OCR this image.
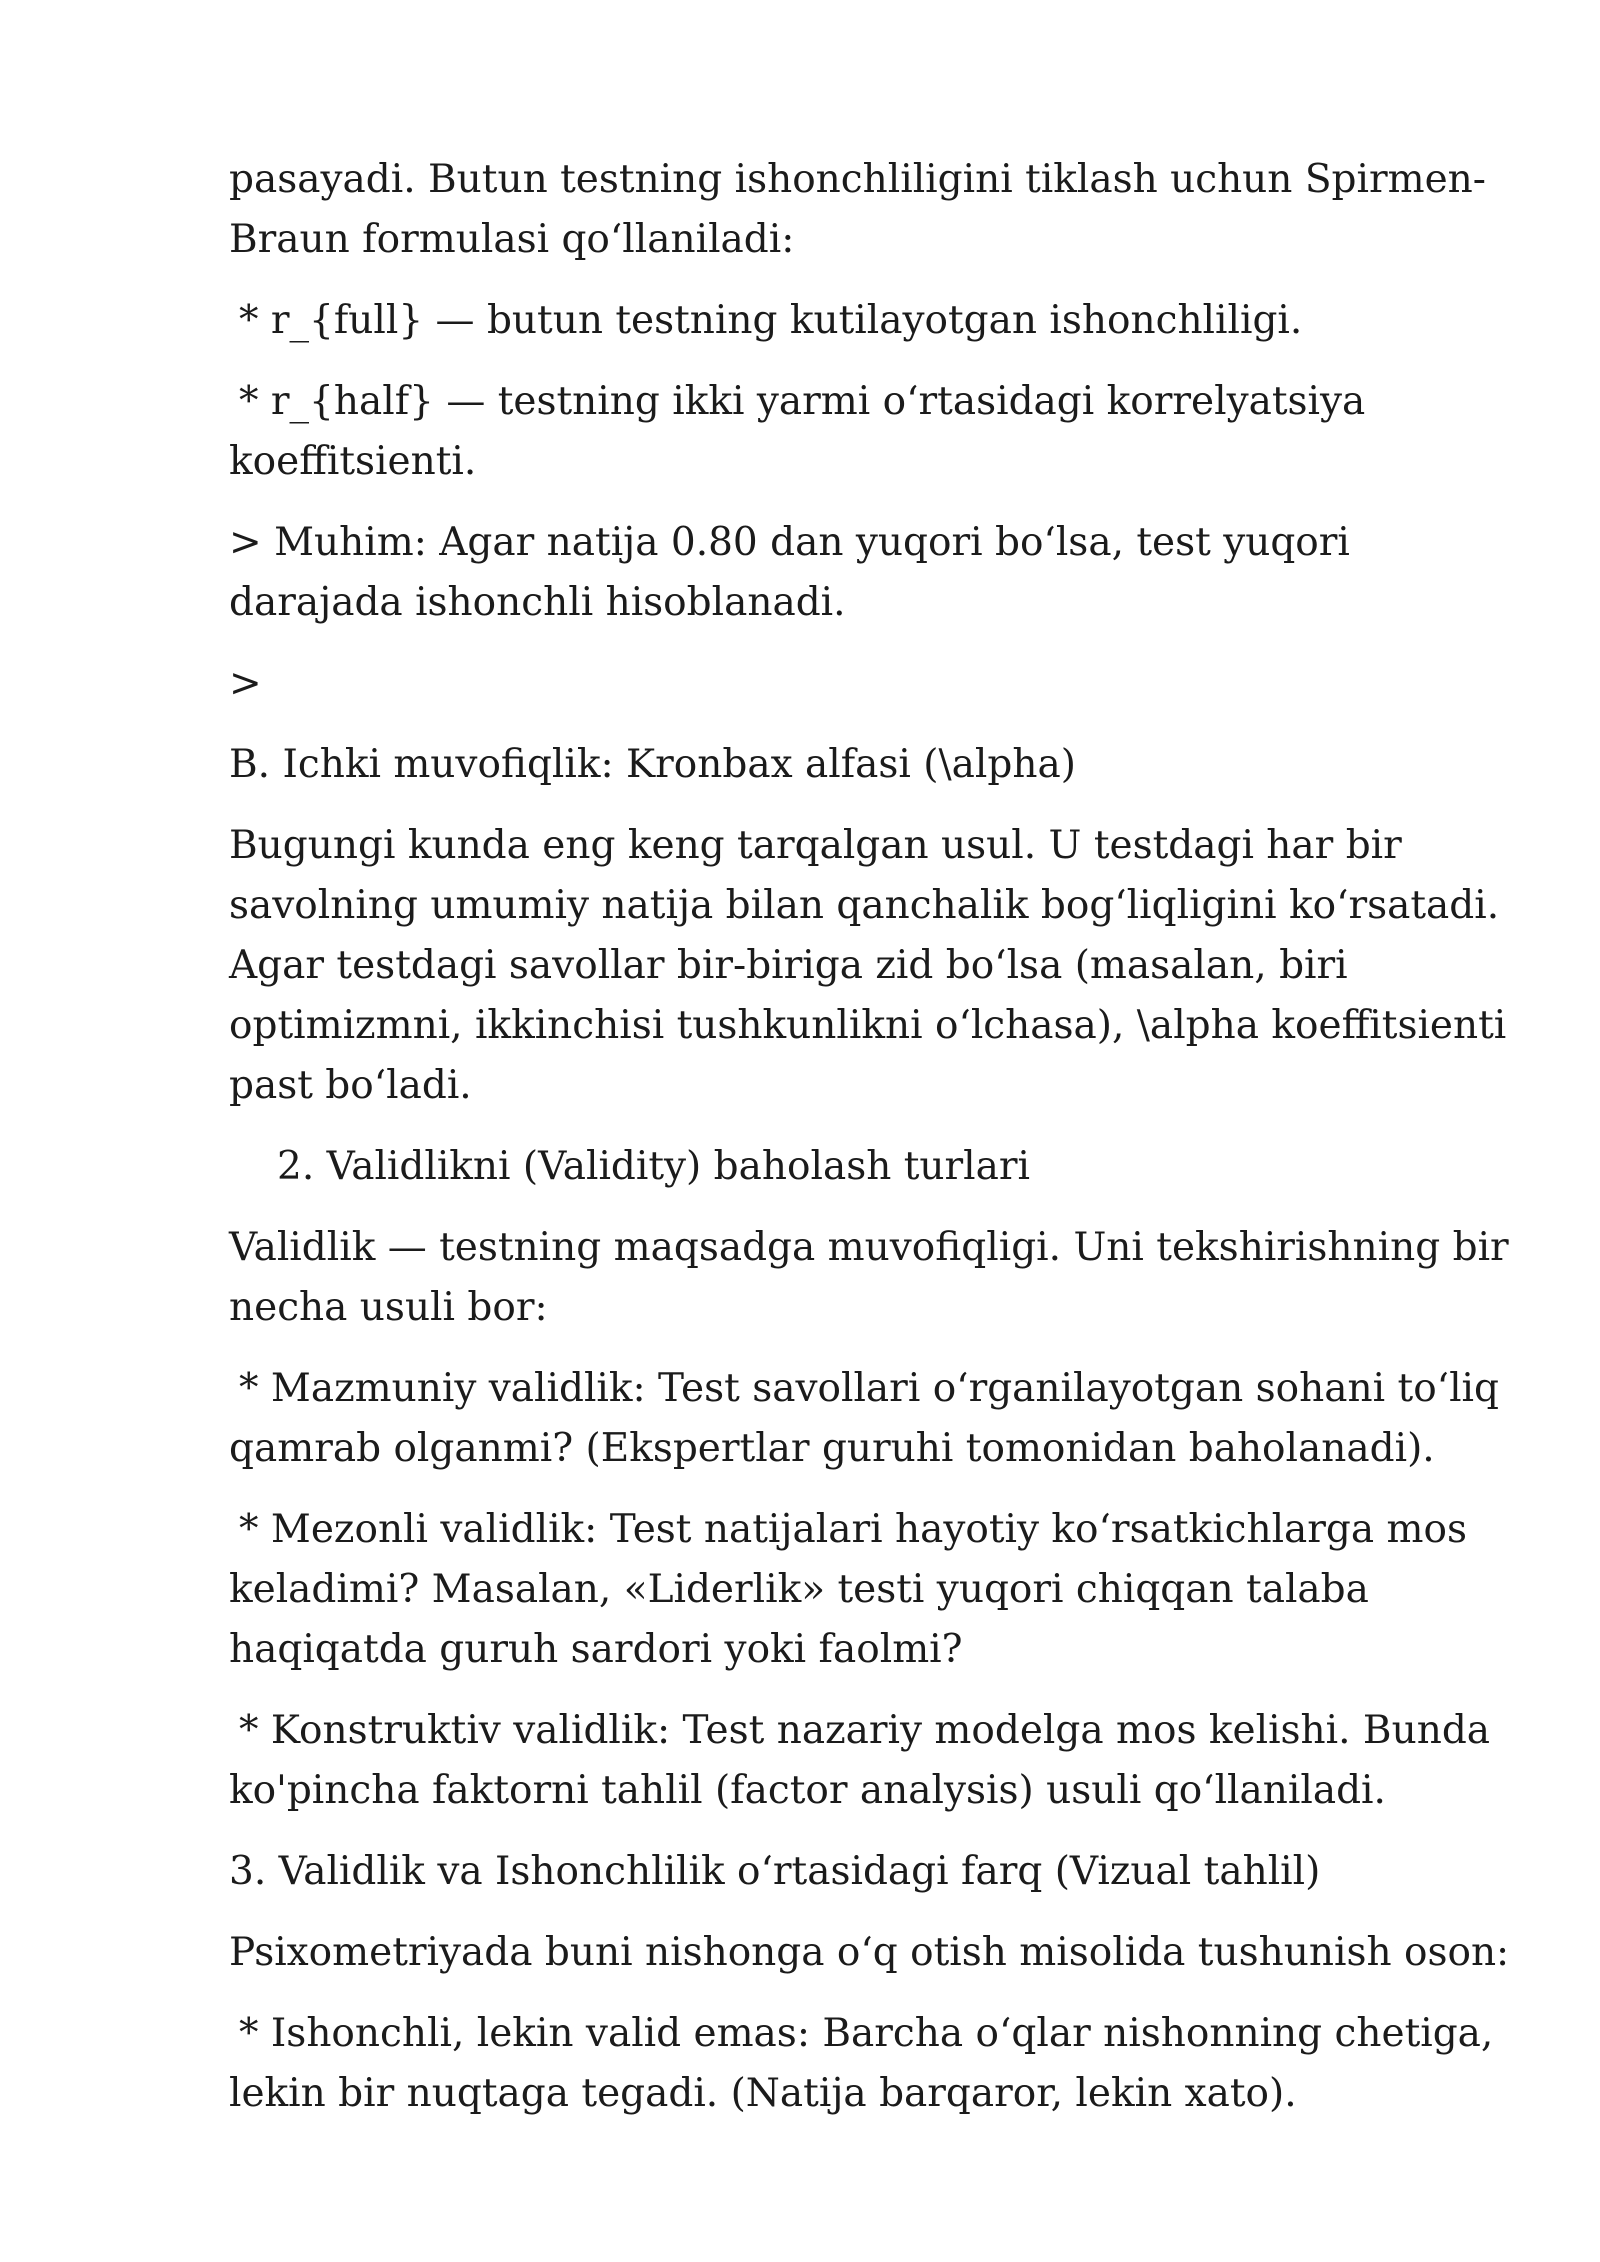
pasayadi. Butun testning ishonchliligini tiklash uchun Spirmen-Braun formulasi qoʻllaniladi:

* r_{full} — butun testning kutilayotgan ishonchliligi.

* r_{half} — testning ikki yarmi oʻrtasidagi korrelyatsiya koeffitsienti.

> Muhim: Agar natija 0.80 dan yuqori boʻlsa, test yuqori darajada ishonchli hisoblanadi.

>

B. Ichki muvofiqlik: Kronbax alfasi (\alpha)

Bugungi kunda eng keng tarqalgan usul. U testdagi har bir savolning umumiy natija bilan qanchalik bogʻliqligini koʻrsatadi. Agar testdagi savollar bir-biriga zid boʻlsa (masalan, biri optimizmni, ikkinchisi tushkunlikni oʻlchasa), \alpha koeffitsienti past boʻladi.

2. Validlikni (Validity) baholash turlari

Validlik — testning maqsadga muvofiqligi. Uni tekshirishning bir necha usuli bor:

* Mazmuniy validlik: Test savollari oʻrganilayotgan sohani toʻliq qamrab olganmi? (Ekspertlar guruhi tomonidan baholanadi).

* Mezonli validlik: Test natijalari hayotiy koʻrsatkichlarga mos keladimi? Masalan, «Liderlik» testi yuqori chiqqan talaba haqiqatda guruh sardori yoki faolmi?

* Konstruktiv validlik: Test nazariy modelga mos kelishi. Bunda ko'pincha faktorni tahlil (factor analysis) usuli qoʻllaniladi.

3. Validlik va Ishonchlilik oʻrtasidagi farq (Vizual tahlil)

Psixometriyada buni nishonga oʻq otish misolida tushunish oson:

* Ishonchli, lekin valid emas: Barcha oʻqlar nishonning chetiga, lekin bir nuqtaga tegadi. (Natija barqaror, lekin xato).
